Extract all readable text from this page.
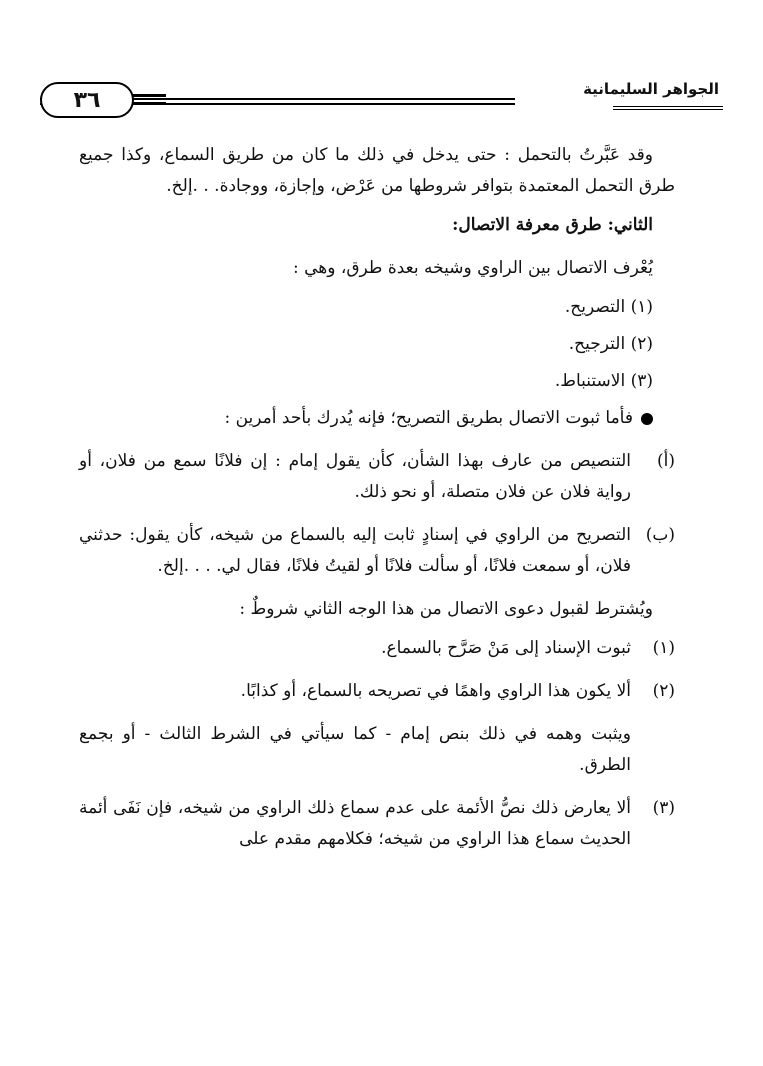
الجواهر السليمانية
٣٦

وقد عَبَّرتُ بالتحمل : حتى يدخل في ذلك ما كان من طريق السماع، وكذا جميع طرق التحمل المعتمدة بتوافر شروطها من عَرْض، وإجازة، ووجادة. . .إلخ.

الثاني: طرق معرفة الاتصال:

يُعْرف الاتصال بين الراوي وشيخه بعدة طرق، وهي :

(١) التصريح.

(٢) الترجيح.

(٣) الاستنباط.

فأما ثبوت الاتصال بطريق التصريح؛ فإنه يُدرك بأحد أمرين :

(أ)
التنصيص من عارف بهذا الشأن، كأن يقول إمام : إن فلانًا سمع من فلان، أو رواية فلان عن فلان متصلة، أو نحو ذلك.
(ب)
التصريح من الراوي في إسنادٍ ثابت إليه بالسماع من شيخه، كأن يقول: حدثني فلان، أو سمعت فلانًا، أو سألت فلانًا أو لقيتُ فلانًا، فقال لي. . . .إلخ.

ويُشترط لقبول دعوى الاتصال من هذا الوجه الثاني شروطٌ :

(١)
ثبوت الإسناد إلى مَنْ صَرَّح بالسماع.
(٢)
ألا يكون هذا الراوي واهمًا في تصريحه بالسماع، أو كذابًا.

ويثبت وهمه في ذلك بنص إمام - كما سيأتي في الشرط الثالث - أو بجمع الطرق.

(٣)
ألا يعارض ذلك نصُّ الأئمة على عدم سماع ذلك الراوي من شيخه، فإن نَفَى أئمة الحديث سماع هذا الراوي من شيخه؛ فكلامهم مقدم على
